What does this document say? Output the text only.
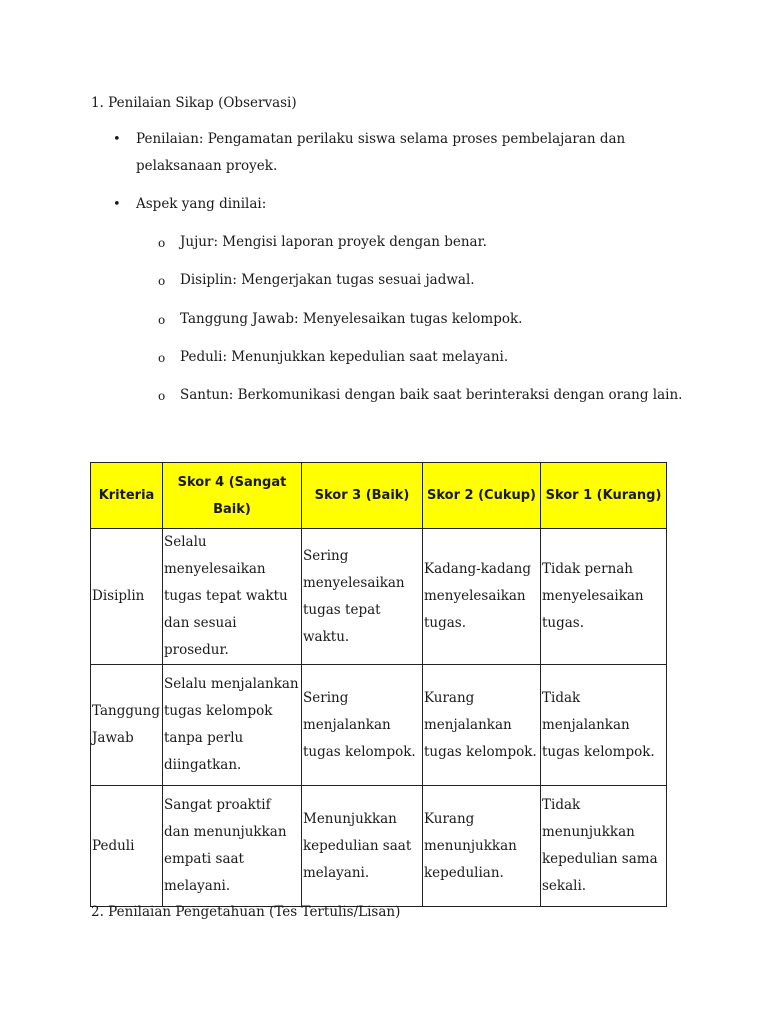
1. Penilaian Sikap (Observasi)
• Penilaian: Pengamatan perilaku siswa selama proses pembelajaran dan pelaksanaan proyek.
• Aspek yang dinilai:
o Jujur: Mengisi laporan proyek dengan benar.
o Disiplin: Mengerjakan tugas sesuai jadwal.
o Tanggung Jawab: Menyelesaikan tugas kelompok.
o Peduli: Menunjukkan kepedulian saat melayani.
o Santun: Berkomunikasi dengan baik saat berinteraksi dengan orang lain.
Kriteria	Skor 4 (Sangat Baik)	Skor 3 (Baik)	Skor 2 (Cukup)	Skor 1 (Kurang)
Disiplin	Selalu menyelesaikan tugas tepat waktu dan sesuai prosedur.	Sering menyelesaikan tugas tepat waktu.	Kadang-kadang menyelesaikan tugas.	Tidak pernah menyelesaikan tugas.
Tanggung Jawab	Selalu menjalankan tugas kelompok tanpa perlu diingatkan.	Sering menjalankan tugas kelompok.	Kurang menjalankan tugas kelompok.	Tidak menjalankan tugas kelompok.
Peduli	Sangat proaktif dan menunjukkan empati saat melayani.	Menunjukkan kepedulian saat melayani.	Kurang menunjukkan kepedulian.	Tidak menunjukkan kepedulian sama sekali.
2. Penilaian Pengetahuan (Tes Tertulis/Lisan)
